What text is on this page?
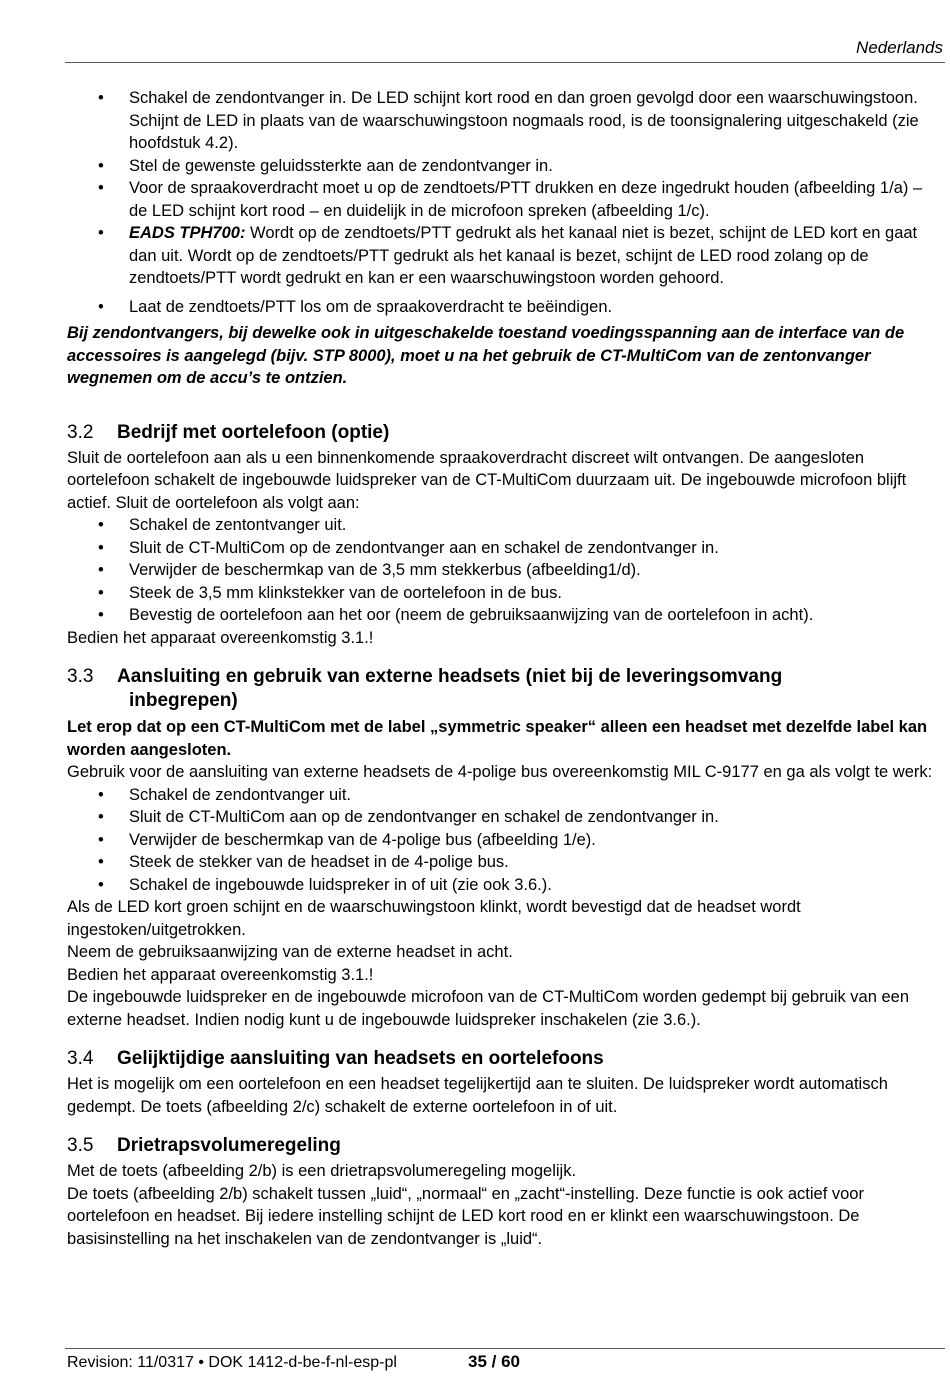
Nederlands
• Schakel de zendontvanger in. De LED schijnt kort rood en dan groen gevolgd door een waarschuwingstoon. Schijnt de LED in plaats van de waarschuwingstoon nogmaals rood, is de toonsignalering uitgeschakeld (zie hoofdstuk 4.2).
• Stel de gewenste geluidssterkte aan de zendontvanger in.
• Voor de spraakoverdracht moet u op de zendtoets/PTT drukken en deze ingedrukt houden (afbeelding 1/a) – de LED schijnt kort rood – en duidelijk in de microfoon spreken (afbeelding 1/c).
• EADS TPH700: Wordt op de zendtoets/PTT gedrukt als het kanaal niet is bezet, schijnt de LED kort en gaat dan uit. Wordt op de zendtoets/PTT gedrukt als het kanaal is bezet, schijnt de LED rood zolang op de zendtoets/PTT wordt gedrukt en kan er een waarschuwingstoon worden gehoord.
• Laat de zendtoets/PTT los om de spraakoverdracht te beëindigen.

Bij zendontvangers, bij dewelke ook in uitgeschakelde toestand voedingsspanning aan de interface van de accessoires is aangelegd (bijv. STP 8000), moet u na het gebruik de CT-MultiCom van de zentonvanger wegnemen om de accu’s te ontzien.

3.2 Bedrijf met oortelefoon (optie)

Sluit de oortelefoon aan als u een binnenkomende spraakoverdracht discreet wilt ontvangen. De aangesloten oortelefoon schakelt de ingebouwde luidspreker van de CT-MultiCom duurzaam uit. De ingebouwde microfoon blijft actief. Sluit de oortelefoon als volgt aan:

• Schakel de zentontvanger uit.
• Sluit de CT-MultiCom op de zendontvanger aan en schakel de zendontvanger in.
• Verwijder de beschermkap van de 3,5 mm stekkerbus (afbeelding1/d).
• Steek de 3,5 mm klinkstekker van de oortelefoon in de bus.
• Bevestig de oortelefoon aan het oor (neem de gebruiksaanwijzing van de oortelefoon in acht).

Bedien het apparaat overeenkomstig 3.1.!

3.3 Aansluiting en gebruik van externe headsets (niet bij de leveringsomvang
inbegrepen)

Let erop dat op een CT-MultiCom met de label „symmetric speaker“ alleen een headset met dezelfde label kan worden aangesloten.

Gebruik voor de aansluiting van externe headsets de 4-polige bus overeenkomstig MIL C-9177 en ga als volgt te werk:

• Schakel de zendontvanger uit.
• Sluit de CT-MultiCom aan op de zendontvanger en schakel de zendontvanger in.
• Verwijder de beschermkap van de 4-polige bus (afbeelding 1/e).
• Steek de stekker van de headset in de 4-polige bus.
• Schakel de ingebouwde luidspreker in of uit (zie ook 3.6.).

Als de LED kort groen schijnt en de waarschuwingstoon klinkt, wordt bevestigd dat de headset wordt ingestoken/uitgetrokken.

Neem de gebruiksaanwijzing van de externe headset in acht.

Bedien het apparaat overeenkomstig 3.1.!

De ingebouwde luidspreker en de ingebouwde microfoon van de CT-MultiCom worden gedempt bij gebruik van een externe headset. Indien nodig kunt u de ingebouwde luidspreker inschakelen (zie 3.6.).

3.4 Gelijktijdige aansluiting van headsets en oortelefoons

Het is mogelijk om een oortelefoon en een headset tegelijkertijd aan te sluiten. De luidspreker wordt automatisch gedempt. De toets (afbeelding 2/c) schakelt de externe oortelefoon in of uit.

3.5 Drietrapsvolumeregeling

Met de toets (afbeelding 2/b) is een drietrapsvolumeregeling mogelijk.

De toets (afbeelding 2/b) schakelt tussen „luid“, „normaal“ en „zacht“-instelling. Deze functie is ook actief voor oortelefoon en headset. Bij iedere instelling schijnt de LED kort rood en er klinkt een waarschuwingstoon. De basisinstelling na het inschakelen van de zendontvanger is „luid“.

Revision: 11/0317 • DOK 1412-d-be-f-nl-esp-pl	35 / 60
